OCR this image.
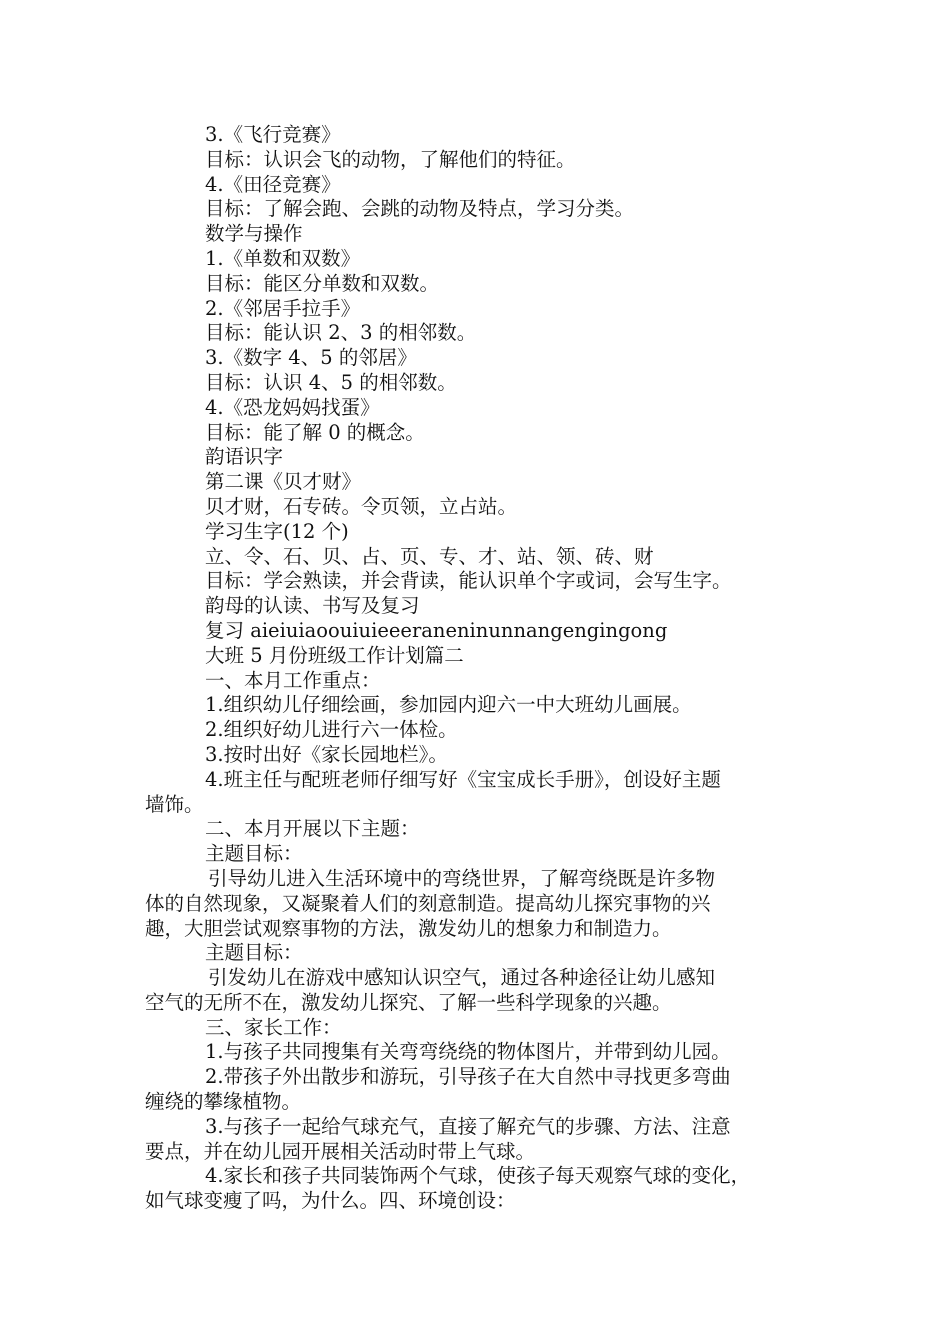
3.《飞行竞赛》
目标：认识会飞的动物，了解他们的特征。
4.《田径竞赛》
目标：了解会跑、会跳的动物及特点，学习分类。
数学与操作
1.《单数和双数》
目标：能区分单数和双数。
2.《邻居手拉手》
目标：能认识 2、3 的相邻数。
3.《数字 4、5 的邻居》
目标：认识 4、5 的相邻数。
4.《恐龙妈妈找蛋》
目标：能了解 0 的概念。
韵语识字
第二课《贝才财》
贝才财，石专砖。令页领，立占站。
学习生字(12 个)
立、令、石、贝、占、页、专、才、站、领、砖、财
目标：学会熟读，并会背读，能认识单个字或词，会写生字。
韵母的认读、书写及复习
复习 aieiuiaoouiuieeeraneninunnangengingong
大班 5 月份班级工作计划篇二
一、本月工作重点：
1.组织幼儿仔细绘画，参加园内迎六一中大班幼儿画展。
2.组织好幼儿进行六一体检。
3.按时出好《家长园地栏》。
4.班主任与配班老师仔细写好《宝宝成长手册》，创设好主题
墙饰。
二、本月开展以下主题：
主题目标：
引导幼儿进入生活环境中的弯绕世界，了解弯绕既是许多物
体的自然现象，又凝聚着人们的刻意制造。提高幼儿探究事物的兴
趣，大胆尝试观察事物的方法，激发幼儿的想象力和制造力。
主题目标：
引发幼儿在游戏中感知认识空气，通过各种途径让幼儿感知
空气的无所不在，激发幼儿探究、了解一些科学现象的兴趣。
三、家长工作：
1.与孩子共同搜集有关弯弯绕绕的物体图片，并带到幼儿园。
2.带孩子外出散步和游玩，引导孩子在大自然中寻找更多弯曲
缠绕的攀缘植物。
3.与孩子一起给气球充气，直接了解充气的步骤、方法、注意
要点，并在幼儿园开展相关活动时带上气球。
4.家长和孩子共同装饰两个气球，使孩子每天观察气球的变化，
如气球变瘦了吗，为什么。四、环境创设：
